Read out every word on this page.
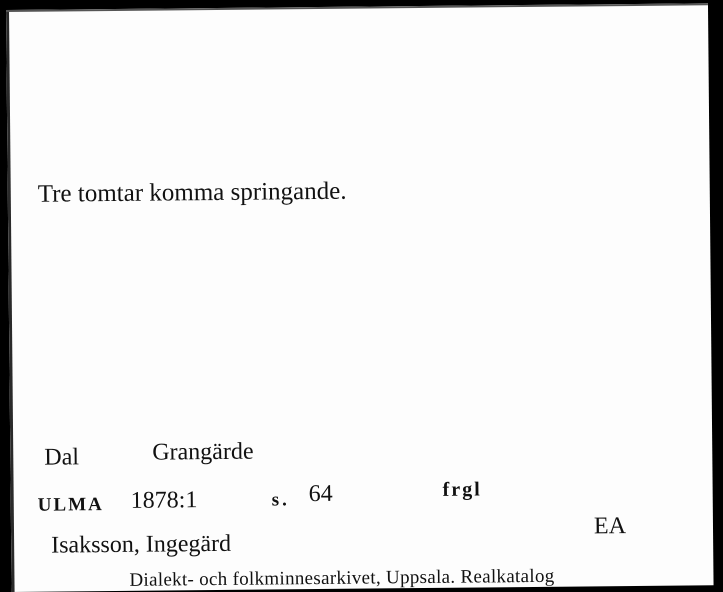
Tre tomtar komma springande.
Dal	Grangärde
ULMA 1878:1	s. 64	frgl
Isaksson, Ingegärd
EA
Dialekt- och folkminnesarkivet, Uppsala. Realkatalog
